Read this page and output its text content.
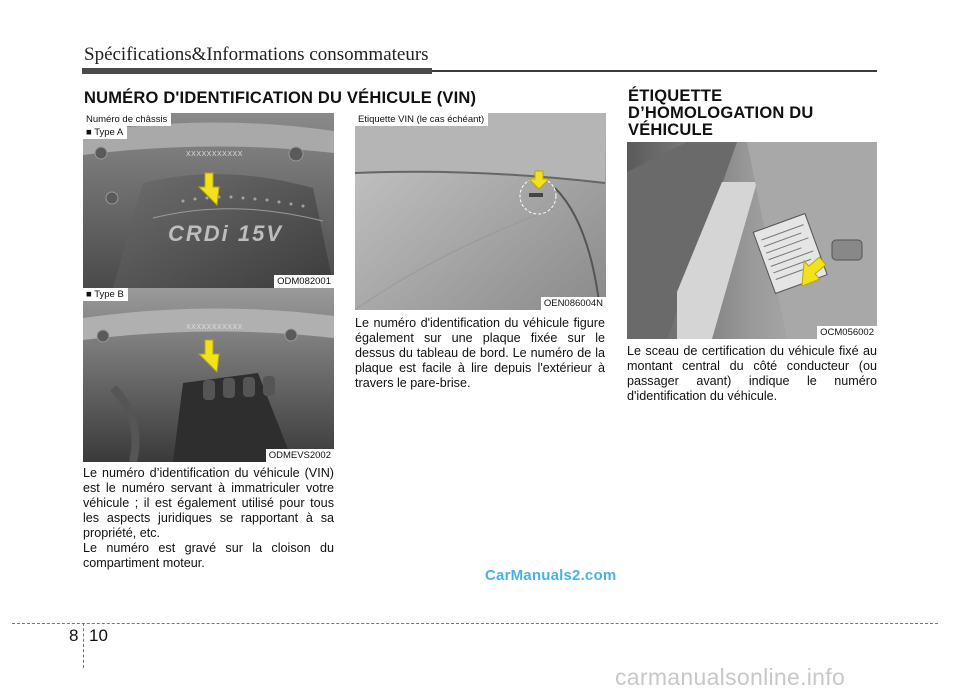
Spécifications&Informations consommateurs
NUMÉRO D'IDENTIFICATION DU VÉHICULE (VIN)	ÉTIQUETTE
D’HOMOLOGATION DU
VÉHICULE
CRDi 15V
Numéro de châssis
■ Type A
XXXXXXXXXXX
ODM082001
■ Type B
XXXXXXXXXXX
ODMEVS2002

Le numéro d’identification du véhicule (VIN) est le numéro servant à immatriculer votre véhicule ; il est également utilisé pour tous les aspects juridiques se rapportant à sa propriété, etc.

Le numéro est gravé sur la cloison du compartiment moteur.

Etiquette VIN (le cas échéant)
OEN086004N

Le numéro d'identification du véhicule figure également sur une plaque fixée sur le dessus du tableau de bord. Le numéro de la plaque est facile à lire depuis l'extérieur à travers le pare-brise.

OCM056002

Le sceau de certification du véhicule fixé au montant central du côté conducteur (ou passager avant) indique le numéro d'identification du véhicule.

CarManuals2.com
8 10
carmanualsonline.info
